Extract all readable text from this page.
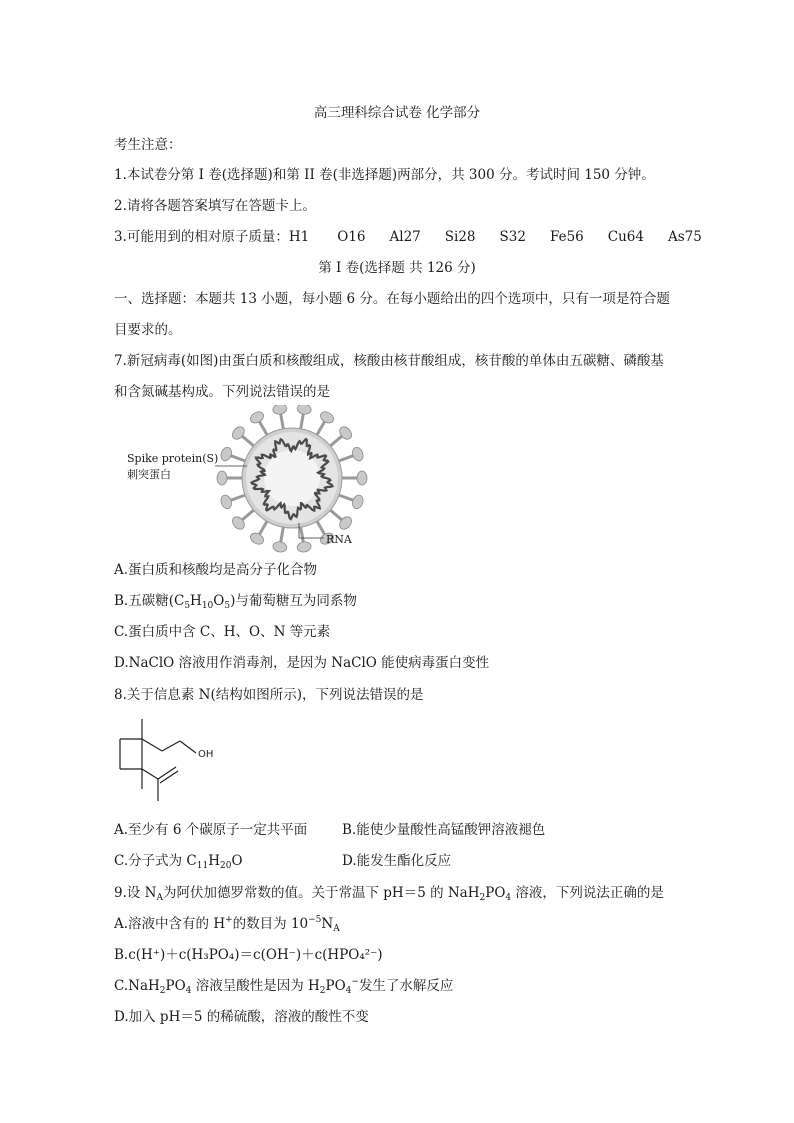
高三理科综合试卷 化学部分
考生注意：
1.本试卷分第 I 卷(选择题)和第 II 卷(非选择题)两部分，共 300 分。考试时间 150 分钟。
2.请将各题答案填写在答题卡上。
3.可能用到的相对原子质量：H1 O16 Al27 Si28 S32 Fe56 Cu64 As75
第 I 卷(选择题 共 126 分)
一、选择题：本题共 13 小题，每小题 6 分。在每小题给出的四个选项中，只有一项是符合题
目要求的。
7.新冠病毒(如图)由蛋白质和核酸组成，核酸由核苷酸组成，核苷酸的单体由五碳糖、磷酸基
和含氮碱基构成。下列说法错误的是
Spike protein(S)
刺突蛋白
RNA
A.蛋白质和核酸均是高分子化合物
B.五碳糖$(C_5H_{10}O_5)$与葡萄糖互为同系物
C.蛋白质中含 C、H、O、N 等元素
D.NaClO 溶液用作消毒剂，是因为 NaClO 能使病毒蛋白变性
8.关于信息素 N(结构如图所示)，下列说法错误的是
OH
A.至少有 6 个碳原子一定共平面	B.能使少量酸性高锰酸钾溶液褪色
C.分子式为 $C_{11}H_{20}O$	D.能发生酯化反应
9.设 $N_A$为阿伏加德罗常数的值。关于常温下 pH＝5 的 $NaH_2PO_4$ 溶液，下列说法正确的是
A.溶液中含有的 H+的数目为 $10^{-5}N_A$
B.c(H⁺)＋c(H₃PO₄)＝c(OH⁻)＋c(HPO₄²⁻)
$C.NaH_2PO_4$ 溶液呈酸性是因为 $H_2PO_4^-$发生了水解反应
D.加入 pH＝5 的稀硫酸，溶液的酸性不变
